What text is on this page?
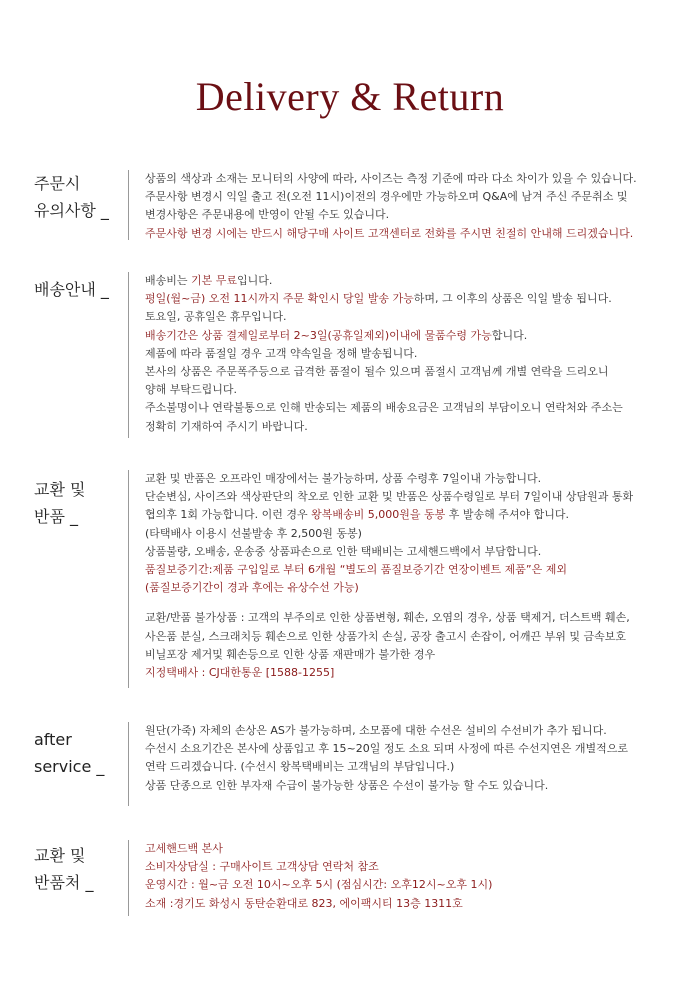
Delivery & Return
주문시
유의사항 _
상품의 색상과 소재는 모니터의 사양에 따라, 사이즈는 측정 기준에 따라 다소 차이가 있을 수 있습니다.
주문사항 변경시 익일 출고 전(오전 11시)이전의 경우에만 가능하오며 Q&A에 남겨 주신 주문취소 및
변경사항은 주문내용에 반영이 안될 수도 있습니다.
주문사항 변경 시에는 반드시 해당구매 사이트 고객센터로 전화를 주시면 친절히 안내해 드리겠습니다.
배송안내 _	배송비는 기본 무료입니다.
평일(월~금) 오전 11시까지 주문 확인시 당일 발송 가능하며, 그 이후의 상품은 익일 발송 됩니다.
토요일, 공휴일은 휴무입니다.
배송기간은 상품 결제일로부터 2~3일(공휴일제외)이내에 물품수령 가능합니다.
제품에 따라 품절일 경우 고객 약속일을 정해 발송됩니다.
본사의 상품은 주문폭주등으로 급격한 품절이 될수 있으며 품절시 고객님께 개별 연락을 드리오니
양해 부탁드립니다.
주소불명이나 연락불통으로 인해 반송되는 제품의 배송요금은 고객님의 부담이오니 연락처와 주소는
정확히 기재하여 주시기 바랍니다.
교환 및
반품 _
교환 및 반품은 오프라인 매장에서는 불가능하며, 상품 수령후 7일이내 가능합니다.
단순변심, 사이즈와 색상판단의 착오로 인한 교환 및 반품은 상품수령일로 부터 7일이내 상담원과 통화
협의후 1회 가능합니다. 이런 경우 왕복배송비 5,000원을 동봉 후 발송해 주셔야 합니다.
(타택배사 이용시 선불발송 후 2,500원 동봉)
상품불량, 오배송, 운송중 상품파손으로 인한 택배비는 고세핸드백에서 부담합니다.
품질보증기간:제품 구입일로 부터 6개월 “별도의 품질보증기간 연장이벤트 제품”은 제외
(품질보증기간이 경과 후에는 유상수선 가능)
교환/반품 불가상품 : 고객의 부주의로 인한 상품변형, 훼손, 오염의 경우, 상품 택제거, 더스트백 훼손,
사은품 분실, 스크래치등 훼손으로 인한 상품가치 손실, 공장 출고시 손잡이, 어깨끈 부위 및 금속보호
비닐포장 제거및 훼손등으로 인한 상품 재판매가 불가한 경우
지정택배사 : CJ대한통운 [1588-1255]
after
service _
원단(가죽) 자체의 손상은 AS가 불가능하며, 소모품에 대한 수선은 설비의 수선비가 추가 됩니다.
수선시 소요기간은 본사에 상품입고 후 15~20일 정도 소요 되며 사정에 따른 수선지연은 개별적으로
연락 드리겠습니다. (수선시 왕복택배비는 고객님의 부담입니다.)
상품 단종으로 인한 부자재 수급이 불가능한 상품은 수선이 불가능 할 수도 있습니다.
교환 및
반품처 _
고세핸드백 본사
소비자상담실 : 구매사이트 고객상담 연락처 참조
운영시간 : 월~금 오전 10시~오후 5시 (점심시간: 오후12시~오후 1시)
소재 :경기도 화성시 동탄순환대로 823, 에이팩시티 13층 1311호
